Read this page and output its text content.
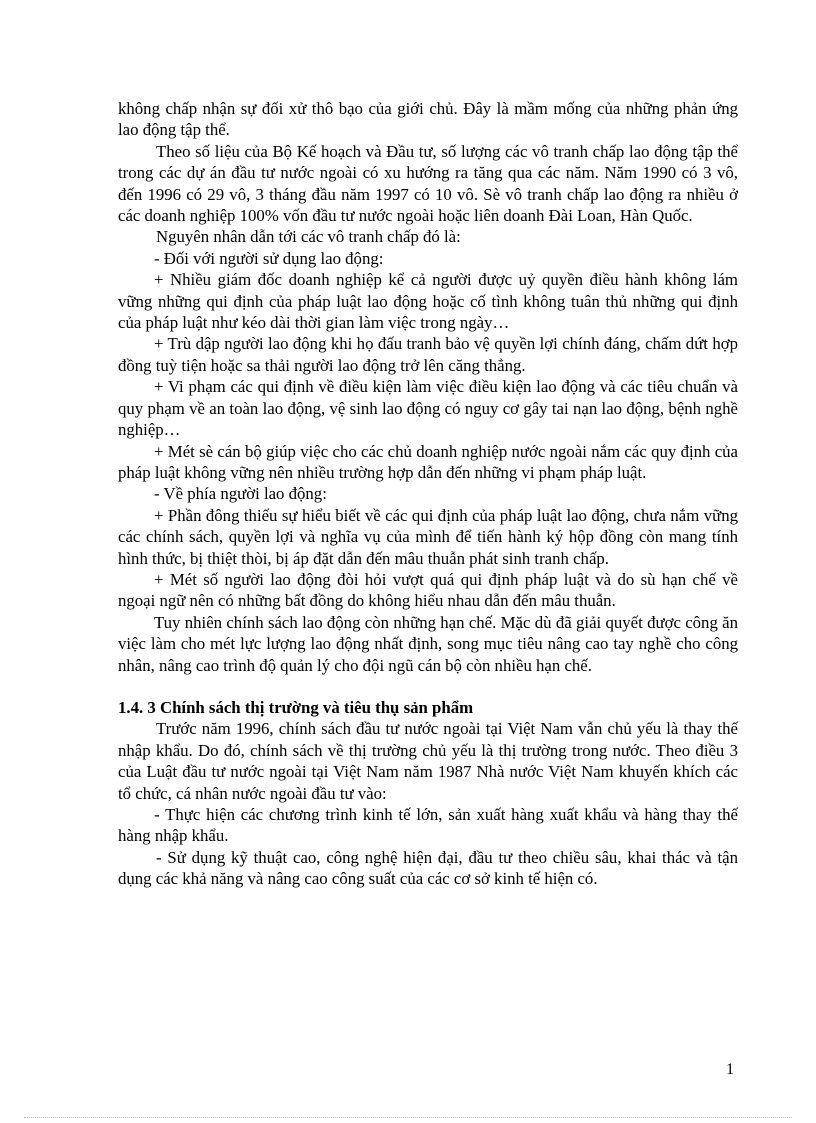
không chấp nhận sự đối xử thô bạo của giới chủ. Đây là mầm mống của những phản ứng lao động tập thể.

Theo số liệu của Bộ Kế hoạch và Đầu tư, số lượng các vô tranh chấp lao động tập thể trong các dự án đầu tư nước ngoài có xu hướng ra tăng qua các năm. Năm 1990 có 3 vô, đến 1996 có 29 vô, 3 tháng đầu năm 1997 có 10 vô. Sè vô tranh chấp lao động ra nhiều ở các doanh nghiệp 100% vốn đầu tư nước ngoài hoặc liên doanh Đài Loan, Hàn Quốc.

Nguyên nhân dẫn tới các vô tranh chấp đó là:

- Đối với người sử dụng lao động:

+ Nhiều giám đốc doanh nghiệp kể cả người được uỷ quyền điều hành không lám vững những qui định của pháp luật lao động hoặc cố tình không tuân thủ những qui định của pháp luật như kéo dài thời gian làm việc trong ngày…

+ Trù dập người lao động khi họ đấu tranh bảo vệ quyền lợi chính đáng, chấm dứt hợp đồng tuỳ tiện hoặc sa thải người lao động trở lên căng thẳng.

+ Vi phạm các qui định về điều kiện làm việc điều kiện lao động và các tiêu chuẩn và quy phạm về an toàn lao động, vệ sinh lao động có nguy cơ gây tai nạn lao động, bệnh nghề nghiệp…

+ Mét sè cán bộ giúp việc cho các chủ doanh nghiệp nước ngoài nắm các quy định của pháp luật không vững nên nhiều trường hợp dẫn đến những vi phạm pháp luật.

- Về phía người lao động:

+ Phần đông thiếu sự hiểu biết về các qui định của pháp luật lao động, chưa nắm vững các chính sách, quyền lợi và nghĩa vụ của mình để tiến hành ký hộp đồng còn mang tính hình thức, bị thiệt thòi, bị áp đặt dẫn đến mâu thuẫn phát sinh tranh chấp.

+ Mét số người lao động đòi hỏi vượt quá qui định pháp luật và do sù hạn chế về ngoại ngữ nên có những bất đồng do không hiểu nhau dẫn đến mâu thuẫn.

Tuy nhiên chính sách lao động còn những hạn chế. Mặc dù đã giải quyết được công ăn việc làm cho mét lực lượng lao động nhất định, song mục tiêu nâng cao tay nghề cho công nhân, nâng cao trình độ quản lý cho đội ngũ cán bộ còn nhiều hạn chế.

1.4. 3 Chính sách thị trường và tiêu thụ sản phẩm

Trước năm 1996, chính sách đầu tư nước ngoài tại Việt Nam vẫn chủ yếu là thay thế nhập khẩu. Do đó, chính sách về thị trường chủ yếu là thị trường trong nước. Theo điều 3 của Luật đầu tư nước ngoài tại Việt Nam năm 1987 Nhà nước Việt Nam khuyến khích các tổ chức, cá nhân nước ngoài đầu tư vào:

- Thực hiện các chương trình kinh tế lớn, sản xuất hàng xuất khẩu và hàng thay thế hàng nhập khẩu.

- Sử dụng kỹ thuật cao, công nghệ hiện đại, đầu tư theo chiều sâu, khai thác và tận dụng các khả năng và nâng cao công suất của các cơ sở kinh tế hiện có.

1
